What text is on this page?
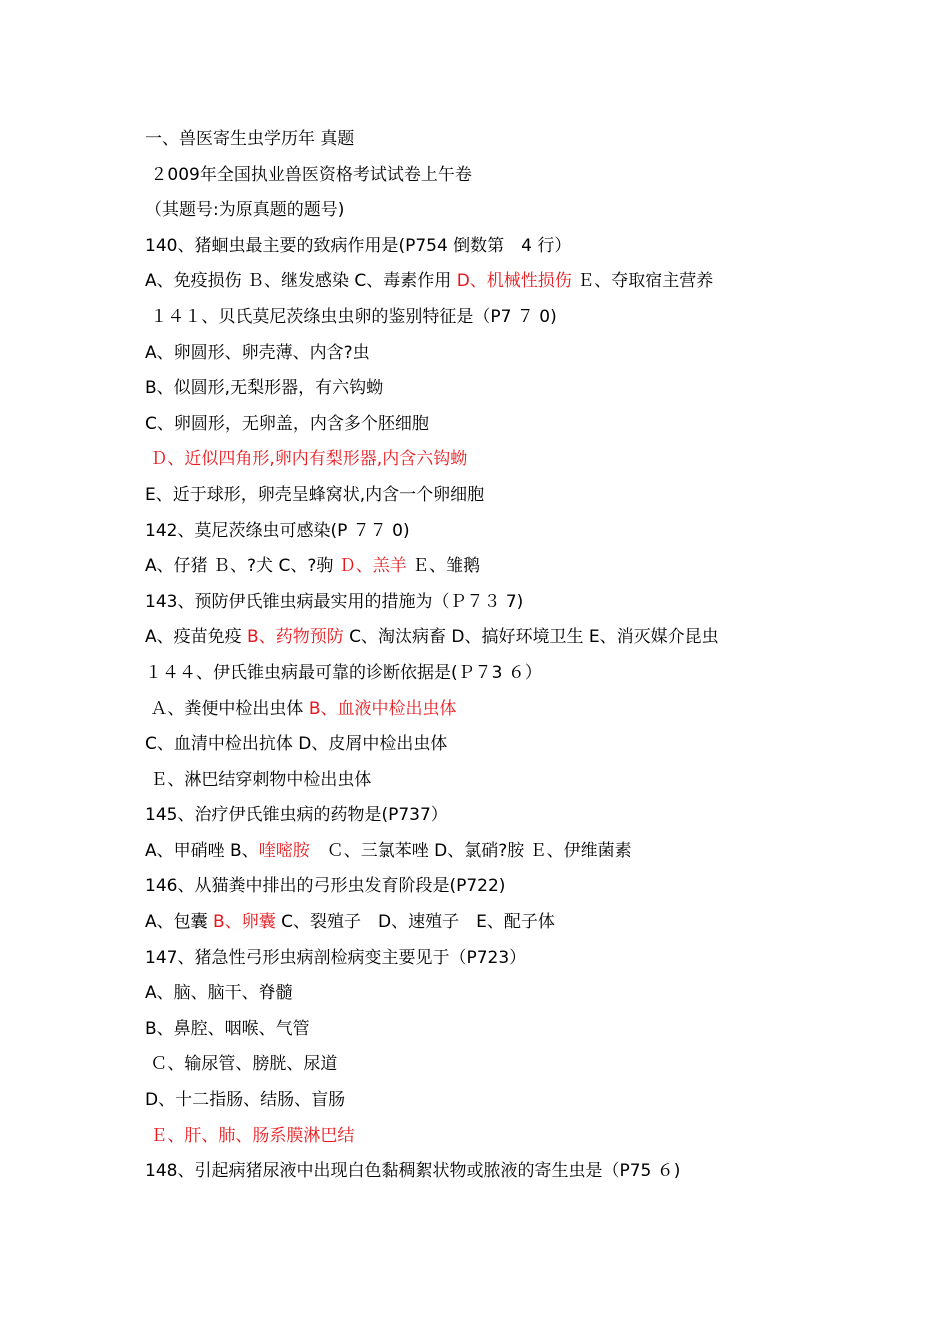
一、兽医寄生虫学历年 真题
２009年全国执业兽医资格考试试卷上午卷
（其题号:为原真题的题号)
140、猪蛔虫最主要的致病作用是(P754 倒数第　4 行）
A、免疫损伤 Ｂ、继发感染 C、毒素作用 D、机械性损伤 Ｅ、夺取宿主营养
１４１、贝氏莫尼茨绦虫虫卵的鉴别特征是（P7 ７ 0)
A、卵圆形、卵壳薄、内含?虫
B、似圆形,无梨形器，有六钩蚴
C、卵圆形，无卵盖，内含多个胚细胞
Ｄ、近似四角形,卵内有梨形器,内含六钩蚴
E、近于球形，卵壳呈蜂窝状,内含一个卵细胞
142、莫尼茨绦虫可感染(P ７７ 0)
A、仔猪 Ｂ、?犬 C、?驹 Ｄ、羔羊 Ｅ、雏鹅
143、预防伊氏锥虫病最实用的措施为（Ｐ７３ 7)
A、疫苗免疫 B、药物预防 C、淘汰病畜 D、搞好环境卫生 E、消灭媒介昆虫
１４４、伊氏锥虫病最可靠的诊断依据是(Ｐ７3 ６）
Ａ、粪便中检出虫体 B、血液中检出虫体
C、血清中检出抗体 D、皮屑中检出虫体
Ｅ、淋巴结穿刺物中检出虫体
145、治疗伊氏锥虫病的药物是(P737）
A、甲硝唑 B、喹嘧胺　Ｃ、三氯苯唑 D、氯硝?胺 Ｅ、伊维菌素
146、从猫粪中排出的弓形虫发育阶段是(P722)
A、包囊 B、卵囊 C、裂殖子　D、速殖子　E、配子体
147、猪急性弓形虫病剖检病变主要见于（P723）
A、脑、脑干、脊髓
B、鼻腔、咽喉、气管
Ｃ、输尿管、膀胱、尿道
D、十二指肠、结肠、盲肠
Ｅ、肝、肺、肠系膜淋巴结
148、引起病猪尿液中出现白色黏稠絮状物或脓液的寄生虫是（P75 ６)
